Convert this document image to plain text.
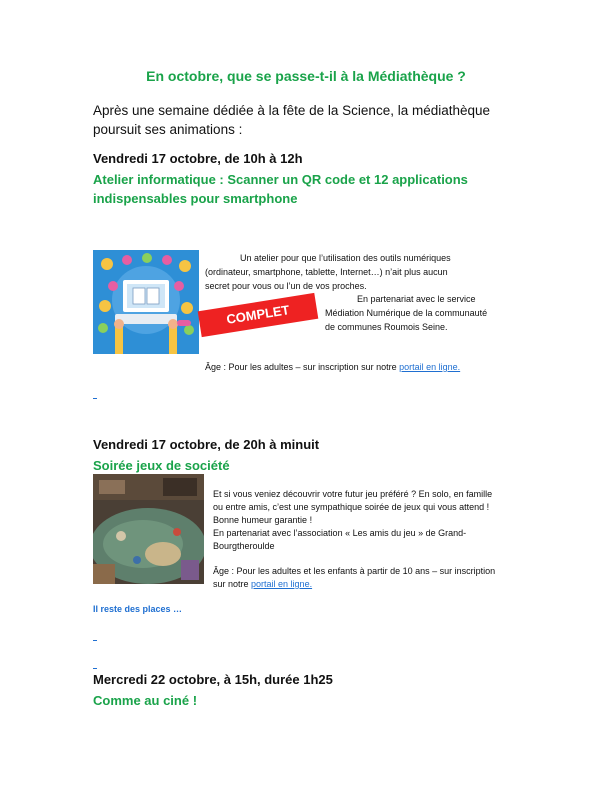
En octobre, que se passe-t-il à la Médiathèque ?
Après une semaine dédiée à la fête de la Science, la médiathèque poursuit ses animations :
Vendredi 17 octobre, de 10h à 12h
Atelier informatique : Scanner un QR code et 12 applications
indispensables pour smartphone
Un atelier pour que l’utilisation des outils numériques
(ordinateur, smartphone, tablette, Internet…) n’ait plus aucun
secret pour vous ou l’un de vos proches.
En partenariat avec le service
Médiation Numérique de la communauté
de communes Roumois Seine.
COMPLET
Âge : Pour les adultes – sur inscription sur notre portail en ligne.
Vendredi 17 octobre, de 20h à minuit
Soirée jeux de société
Et si vous veniez découvrir votre futur jeu préféré ? En solo, en famille
ou entre amis, c’est une sympathique soirée de jeux qui vous attend !
Bonne humeur garantie !
En partenariat avec l’association « Les amis du jeu » de Grand-
Bourgtheroulde
Âge : Pour les adultes et les enfants à partir de 10 ans – sur inscription
sur notre portail en ligne.
Il reste des places …
Mercredi 22 octobre, à 15h, durée 1h25
Comme au ciné !
